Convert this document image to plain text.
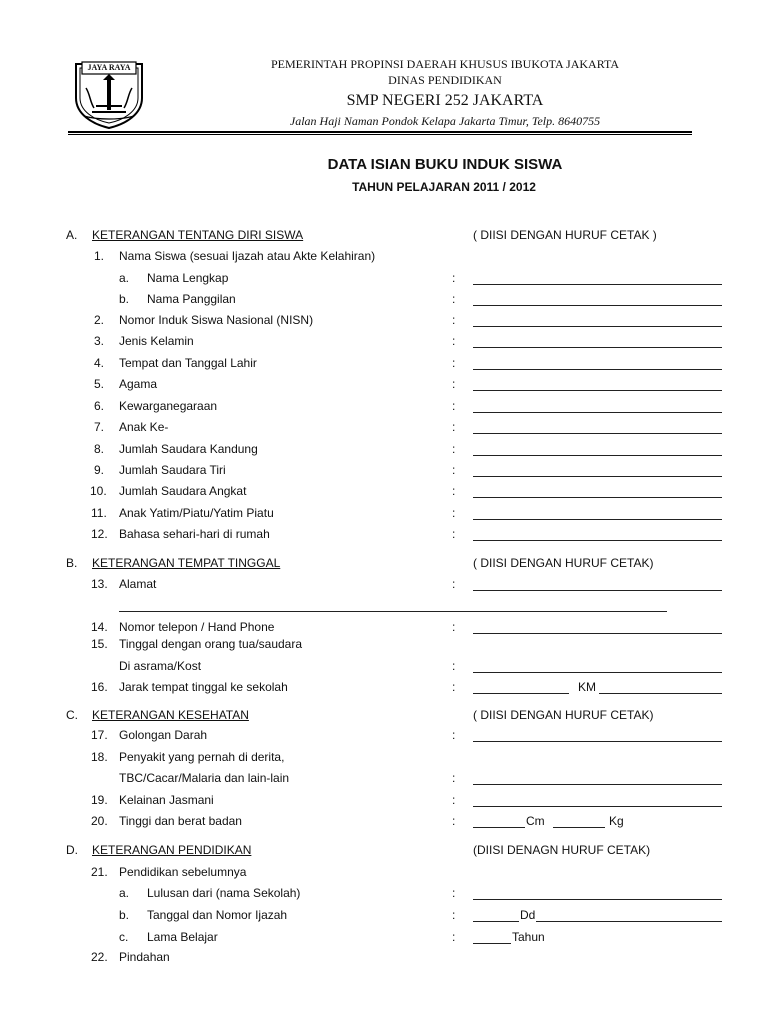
JAYA RAYA	PEMERINTAH PROPINSI DAERAH KHUSUS IBUKOTA JAKARTA
DINAS PENDIDIKAN
SMP NEGERI 252 JAKARTA
Jalan Haji Naman Pondok Kelapa Jakarta Timur, Telp. 8640755
DATA ISIAN BUKU INDUK SISWA
TAHUN PELAJARAN 2011 / 2012
A. KETERANGAN TENTANG DIRI SISWA	( DIISI DENGAN HURUF CETAK )
1. Nama Siswa (sesuai Ijazah atau Akte Kelahiran)
a. Nama Lengkap	:
b. Nama Panggilan	:
2. Nomor Induk Siswa Nasional (NISN)	:
3. Jenis Kelamin	:
4. Tempat dan Tanggal Lahir	:
5. Agama	:
6. Kewarganegaraan	:
7. Anak Ke-	:
8. Jumlah Saudara Kandung	:
9. Jumlah Saudara Tiri	:
10. Jumlah Saudara Angkat	:
11. Anak Yatim/Piatu/Yatim Piatu	:
12. Bahasa sehari-hari di rumah	:
B. KETERANGAN TEMPAT TINGGAL	( DIISI DENGAN HURUF CETAK)
13. Alamat	:
14. Nomor telepon / Hand Phone	:
15. Tinggal dengan orang tua/saudara
Di asrama/Kost	:
16. Jarak tempat tinggal ke sekolah	:	KM
C. KETERANGAN KESEHATAN	( DIISI DENGAN HURUF CETAK)
17. Golongan Darah	:
18. Penyakit yang pernah di derita,
TBC/Cacar/Malaria dan lain-lain	:
19. Kelainan Jasmani	:
20. Tinggi dan berat badan	:	Cm	Kg
D. KETERANGAN PENDIDIKAN	(DIISI DENAGN HURUF CETAK)
21. Pendidikan sebelumnya
a. Lulusan dari (nama Sekolah)	:
b. Tanggal dan Nomor Ijazah	:	Dd
c. Lama Belajar	:	Tahun
22. Pindahan
